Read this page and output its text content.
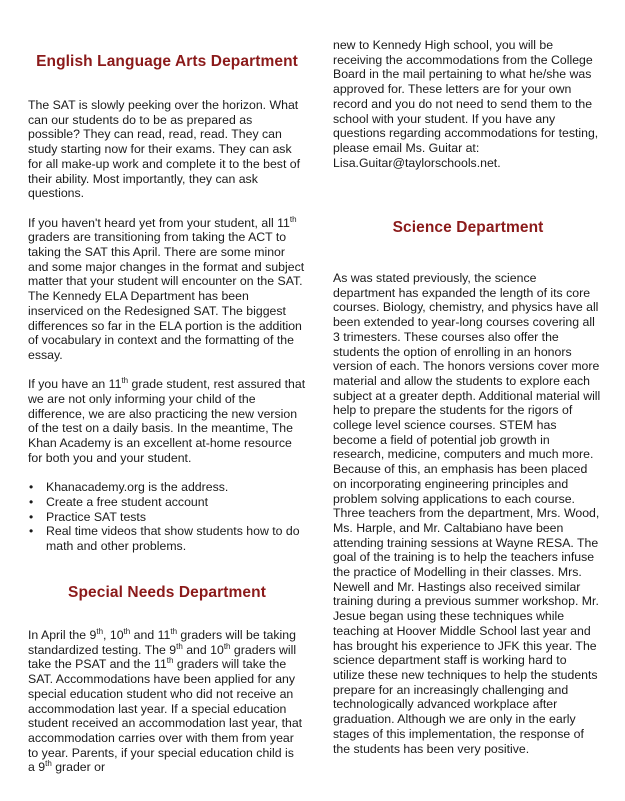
English Language Arts Department

The SAT is slowly peeking over the horizon. What can our students do to be as prepared as possible? They can read, read, read. They can study starting now for their exams. They can ask for all make-up work and complete it to the best of their ability. Most importantly, they can ask questions.

If you haven't heard yet from your student, all 11th graders are transitioning from taking the ACT to taking the SAT this April. There are some minor and some major changes in the format and subject matter that your student will encounter on the SAT. The Kennedy ELA Department has been inserviced on the Redesigned SAT. The biggest differences so far in the ELA portion is the addition of vocabulary in context and the formatting of the essay.

If you have an 11th grade student, rest assured that we are not only informing your child of the difference, we are also practicing the new version of the test on a daily basis. In the meantime, The Khan Academy is an excellent at-home resource for both you and your student.

• Khanacademy.org is the address.
• Create a free student account
• Practice SAT tests
• Real time videos that show students how to do math and other problems.
Special Needs Department

In April the 9th, 10th and 11th graders will be taking standardized testing. The 9th and 10th graders will take the PSAT and the 11th graders will take the SAT. Accommodations have been applied for any special education student who did not receive an accommodation last year. If a special education student received an accommodation last year, that accommodation carries over with them from year to year. Parents, if your special education child is a 9th grader or

new to Kennedy High school, you will be receiving the accommodations from the College Board in the mail pertaining to what he/she was approved for. These letters are for your own record and you do not need to send them to the school with your student. If you have any questions regarding accommodations for testing, please email Ms. Guitar at: Lisa.Guitar@taylorschools.net.

Science Department

As was stated previously, the science department has expanded the length of its core courses. Biology, chemistry, and physics have all been extended to year-long courses covering all 3 trimesters. These courses also offer the students the option of enrolling in an honors version of each. The honors versions cover more material and allow the students to explore each subject at a greater depth. Additional material will help to prepare the students for the rigors of college level science courses. STEM has become a field of potential job growth in research, medicine, computers and much more. Because of this, an emphasis has been placed on incorporating engineering principles and problem solving applications to each course. Three teachers from the department, Mrs. Wood, Ms. Harple, and Mr. Caltabiano have been attending training sessions at Wayne RESA. The goal of the training is to help the teachers infuse the practice of Modelling in their classes. Mrs. Newell and Mr. Hastings also received similar training during a previous summer workshop. Mr. Jesue began using these techniques while teaching at Hoover Middle School last year and has brought his experience to JFK this year. The science department staff is working hard to utilize these new techniques to help the students prepare for an increasingly challenging and technologically advanced workplace after graduation. Although we are only in the early stages of this implementation, the response of the students has been very positive.
